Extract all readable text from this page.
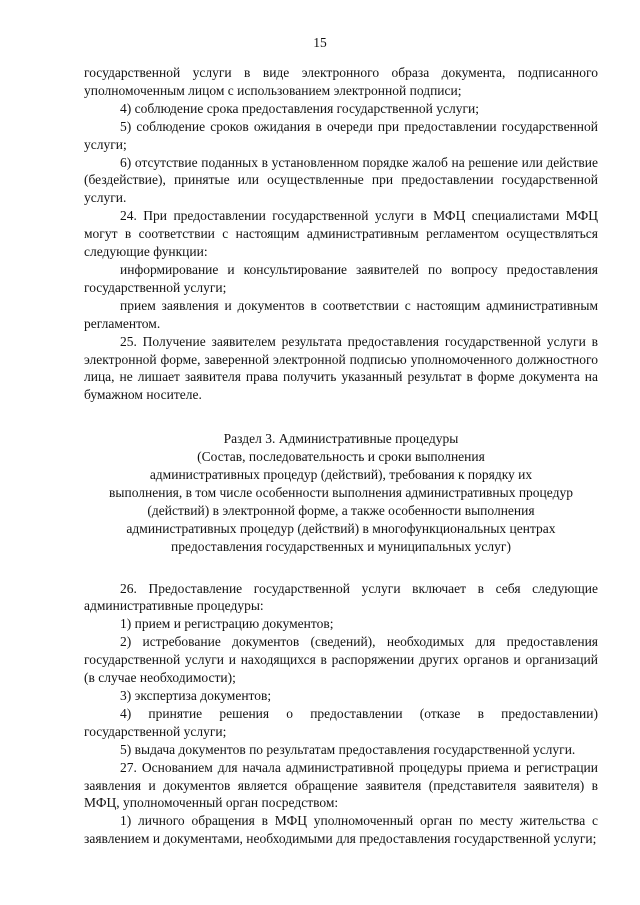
15

государственной услуги в виде электронного образа документа, подписанного уполномоченным лицом с использованием электронной подписи;

4) соблюдение срока предоставления государственной услуги;

5) соблюдение сроков ожидания в очереди при предоставлении государственной услуги;

6) отсутствие поданных в установленном порядке жалоб на решение или действие (бездействие), принятые или осуществленные при предоставлении государственной услуги.

24. При предоставлении государственной услуги в МФЦ специалистами МФЦ могут в соответствии с настоящим административным регламентом осуществляться следующие функции:

информирование и консультирование заявителей по вопросу предоставления государственной услуги;

прием заявления и документов в соответствии с настоящим административным регламентом.

25. Получение заявителем результата предоставления государственной услуги в электронной форме, заверенной электронной подписью уполномоченного должностного лица, не лишает заявителя права получить указанный результат в форме документа на бумажном носителе.

Раздел 3. Административные процедуры
(Состав, последовательность и сроки выполнения
административных процедур (действий), требования к порядку их
выполнения, в том числе особенности выполнения административных процедур
(действий) в электронной форме, а также особенности выполнения
административных процедур (действий) в многофункциональных центрах
предоставления государственных и муниципальных услуг)

26. Предоставление государственной услуги включает в себя следующие административные процедуры:

1) прием и регистрацию документов;

2) истребование документов (сведений), необходимых для предоставления государственной услуги и находящихся в распоряжении других органов и организаций (в случае необходимости);

3) экспертиза документов;

4) принятие решения о предоставлении (отказе в предоставлении) государственной услуги;

5) выдача документов по результатам предоставления государственной услуги.

27. Основанием для начала административной процедуры приема и регистрации заявления и документов является обращение заявителя (представителя заявителя) в МФЦ, уполномоченный орган посредством:

1) личного обращения в МФЦ уполномоченный орган по месту жительства с заявлением и документами, необходимыми для предоставления государственной услуги;
